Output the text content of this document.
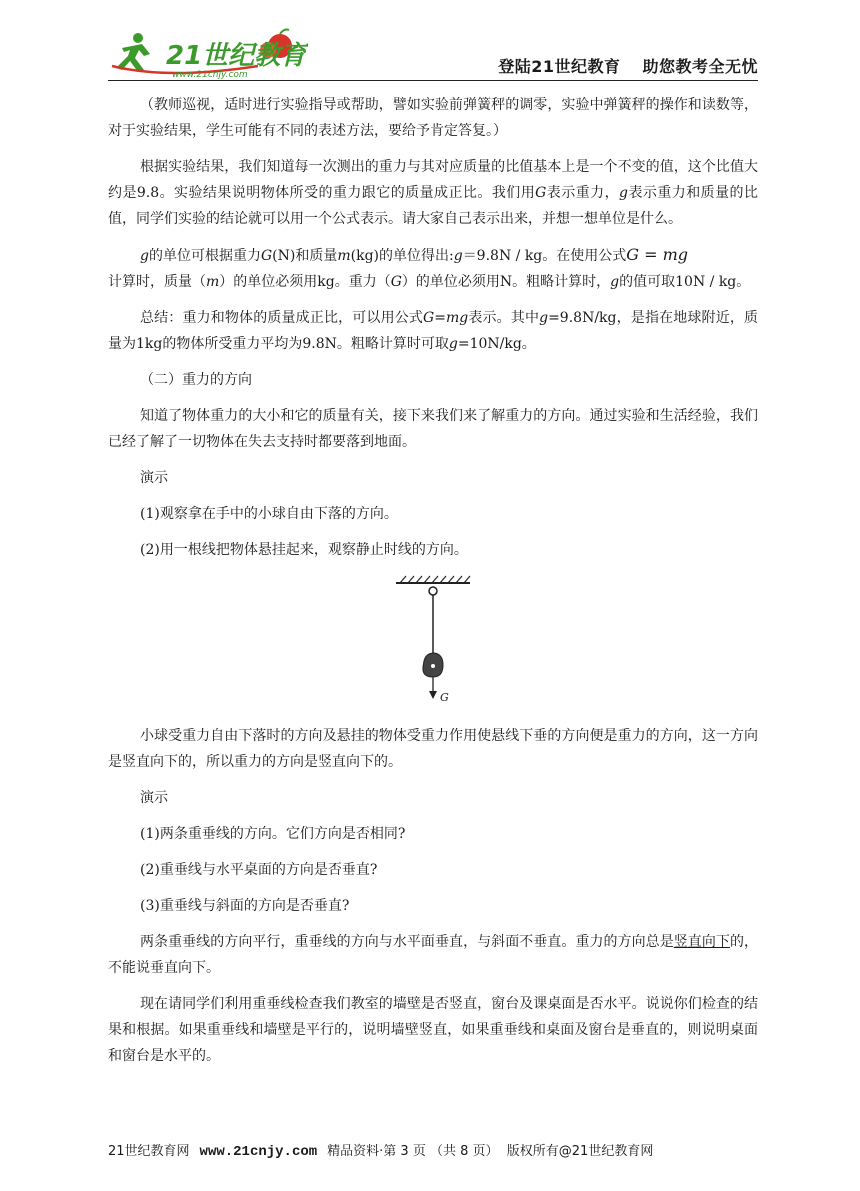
21世纪教育
www.21cnjy.com	登陆21世纪教育 助您教考全无忧

（教师巡视，适时进行实验指导或帮助，譬如实验前弹簧秤的调零，实验中弹簧秤的操作和读数等，对于实验结果，学生可能有不同的表述方法，要给予肯定答复。）

根据实验结果，我们知道每一次测出的重力与其对应质量的比值基本上是一个不变的值，这个比值大约是9.8。实验结果说明物体所受的重力跟它的质量成正比。我们用G表示重力，g表示重力和质量的比值，同学们实验的结论就可以用一个公式表示。请大家自己表示出来，并想一想单位是什么。

g的单位可根据重力G(N)和质量m(kg)的单位得出:g＝9.8N / kg。在使用公式G = mg
计算时，质量（m）的单位必须用kg。重力（G）的单位必须用N。粗略计算时，g的值可取10N / kg。

总结：重力和物体的质量成正比，可以用公式G=mg表示。其中g=9.8N/kg，是指在地球附近，质量为1kg的物体所受重力平均为9.8N。粗略计算时可取g=10N/kg。

（二）重力的方向

知道了物体重力的大小和它的质量有关，接下来我们来了解重力的方向。通过实验和生活经验，我们已经了解了一切物体在失去支持时都要落到地面。

演示

(1)观察拿在手中的小球自由下落的方向。

(2)用一根线把物体悬挂起来，观察静止时线的方向。

G

小球受重力自由下落时的方向及悬挂的物体受重力作用使悬线下垂的方向便是重力的方向，这一方向是竖直向下的，所以重力的方向是竖直向下的。

演示

(1)两条重垂线的方向。它们方向是否相同?

(2)重垂线与水平桌面的方向是否垂直?

(3)重垂线与斜面的方向是否垂直?

两条重垂线的方向平行，重垂线的方向与水平面垂直，与斜面不垂直。重力的方向总是竖直向下的，不能说垂直向下。

现在请同学们利用重垂线检查我们教室的墙壁是否竖直，窗台及课桌面是否水平。说说你们检查的结果和根据。如果重垂线和墙壁是平行的，说明墙壁竖直，如果重垂线和桌面及窗台是垂直的，则说明桌面和窗台是水平的。

21世纪教育网 www.21cnjy.com 精品资料·第 3 页 （共 8 页） 版权所有@21世纪教育网
